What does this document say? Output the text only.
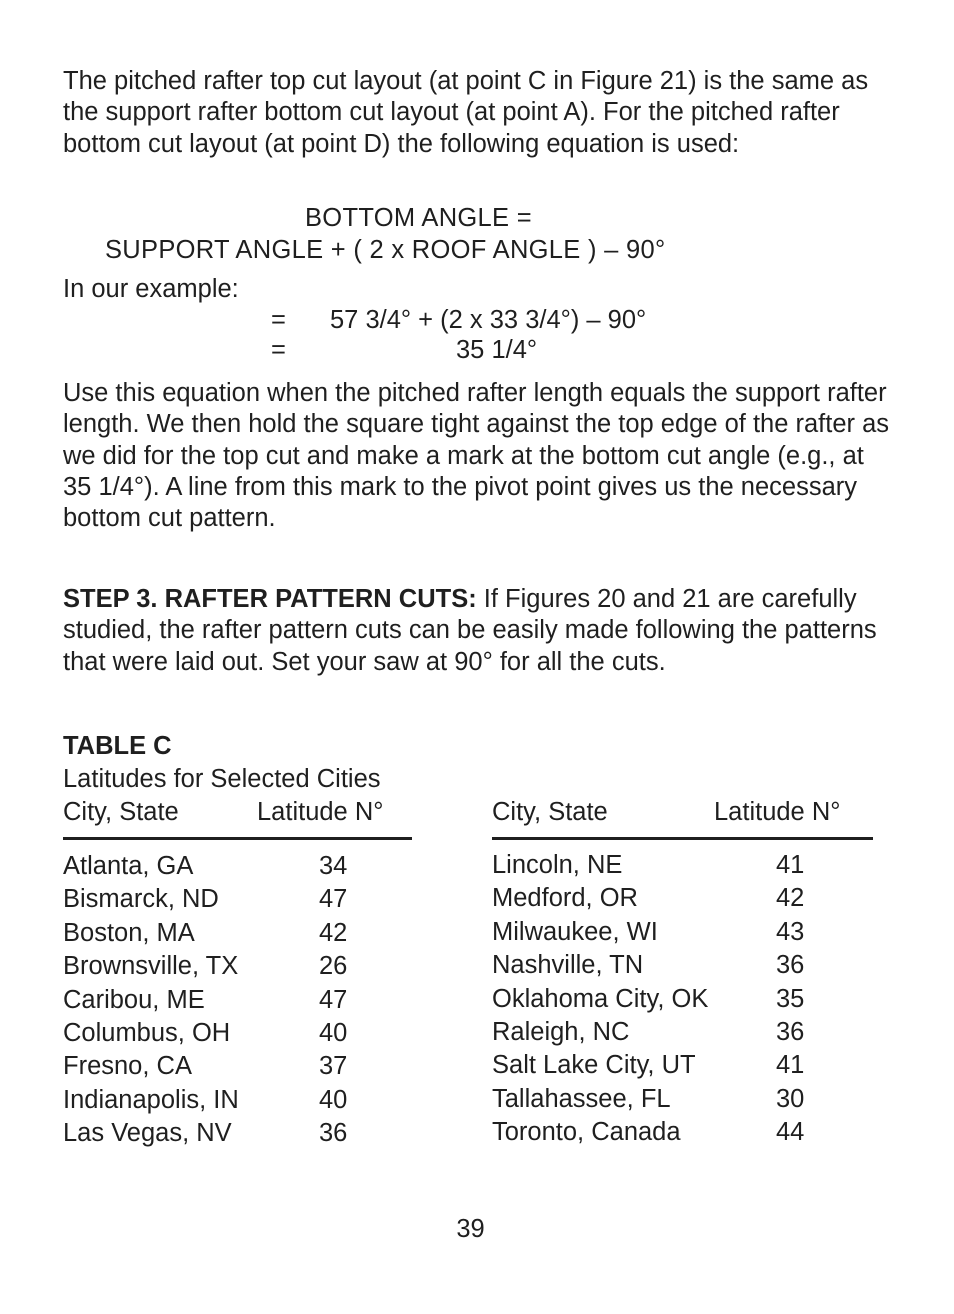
The pitched rafter top cut layout (at point C in Figure 21) is the same as the support rafter bottom cut layout (at point A). For the pitched rafter bottom cut layout (at point D) the following equation is used:

BOTTOM ANGLE =
SUPPORT ANGLE + ( 2 x ROOF ANGLE ) – 90°
In our example:
= 57 3/4° + (2 x 33 3/4°) – 90°
=	35 1/4°

Use this equation when the pitched rafter length equals the support rafter length. We then hold the square tight against the top edge of the rafter as we did for the top cut and make a mark at the bottom cut angle (e.g., at 35 1/4°). A line from this mark to the pivot point gives us the necessary bottom cut pattern.

STEP 3. RAFTER PATTERN CUTS: If Figures 20 and 21 are carefully studied, the rafter pattern cuts can be easily made following the patterns that were laid out. Set your saw at 90° for all the cuts.

TABLE C
Latitudes for Selected Cities
City, State	Latitude N°	City, State	Latitude N°
Atlanta, GA	34
Bismarck, ND	47
Boston, MA	42
Brownsville, TX	26
Caribou, ME	47
Columbus, OH	40
Fresno, CA	37
Indianapolis, IN	40
Las Vegas, NV	36
Lincoln, NE	41
Medford, OR	42
Milwaukee, WI	43
Nashville, TN	36
Oklahoma City, OK	35
Raleigh, NC	36
Salt Lake City, UT	41
Tallahassee, FL	30
Toronto, Canada	44
39
